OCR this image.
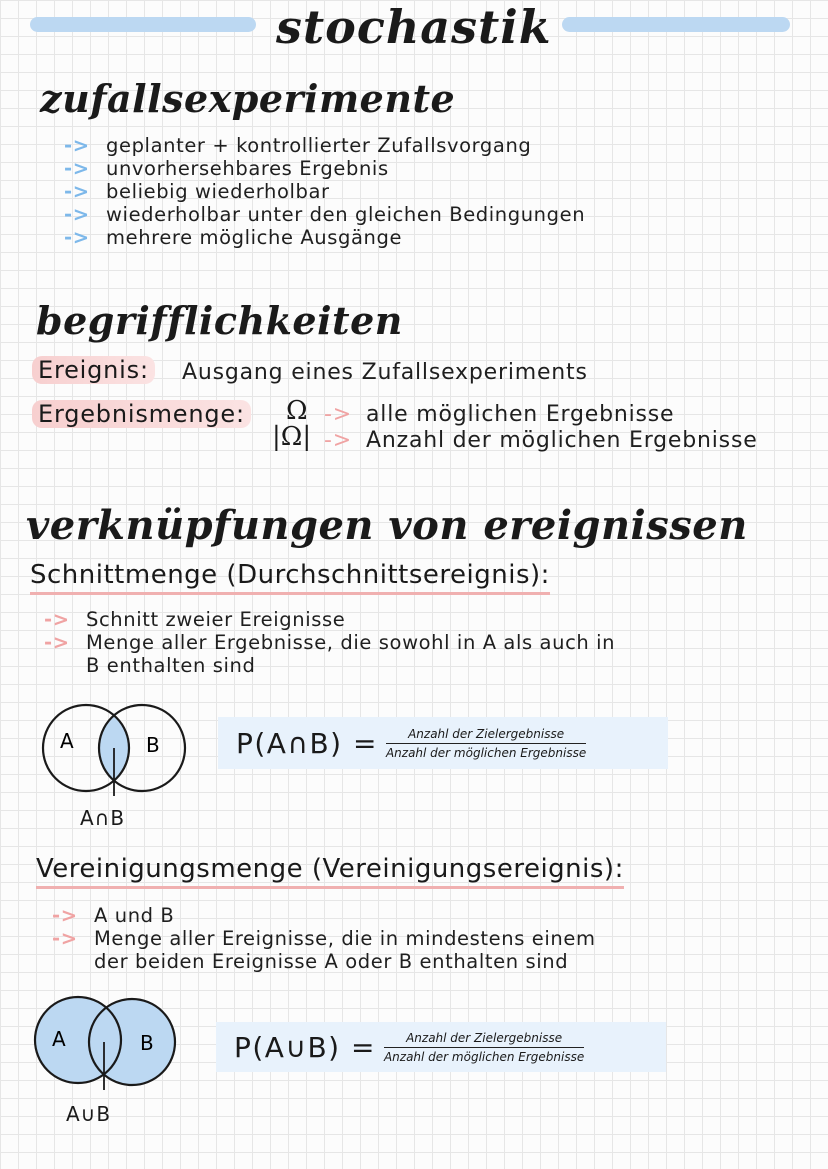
stochastik
zufallsexperimente
-> geplanter + kontrollierter Zufallsvorgang
-> unvorhersehbares Ergebnis
-> beliebig wiederholbar
-> wiederholbar unter den gleichen Bedingungen
-> mehrere mögliche Ausgänge
begrifflichkeiten
Ereignis: Ausgang eines Zufallsexperiments
Ergebnismenge: Ω
|Ω|
->
->
alle möglichen Ergebnisse
Anzahl der möglichen Ergebnisse
verknüpfungen von ereignissen
Schnittmenge (Durchschnittsereignis):
-> Schnitt zweier Ereignisse
-> Menge aller Ergebnisse, die sowohl in A als auch in
B enthalten sind
A	B
A∩B
P(A∩B) = $\frac{\text{Anzahl der Zielergebnisse}}{\text{Anzahl der möglichen Ergebnisse}}$
Vereinigungsmenge (Vereinigungsereignis):
-> A und B
-> Menge aller Ereignisse, die in mindestens einem
der beiden Ereignisse A oder B enthalten sind
A	B
A∪B
P(A∪B) = $\frac{\text{Anzahl der Zielergebnisse}}{\text{Anzahl der möglichen Ergebnisse}}$
